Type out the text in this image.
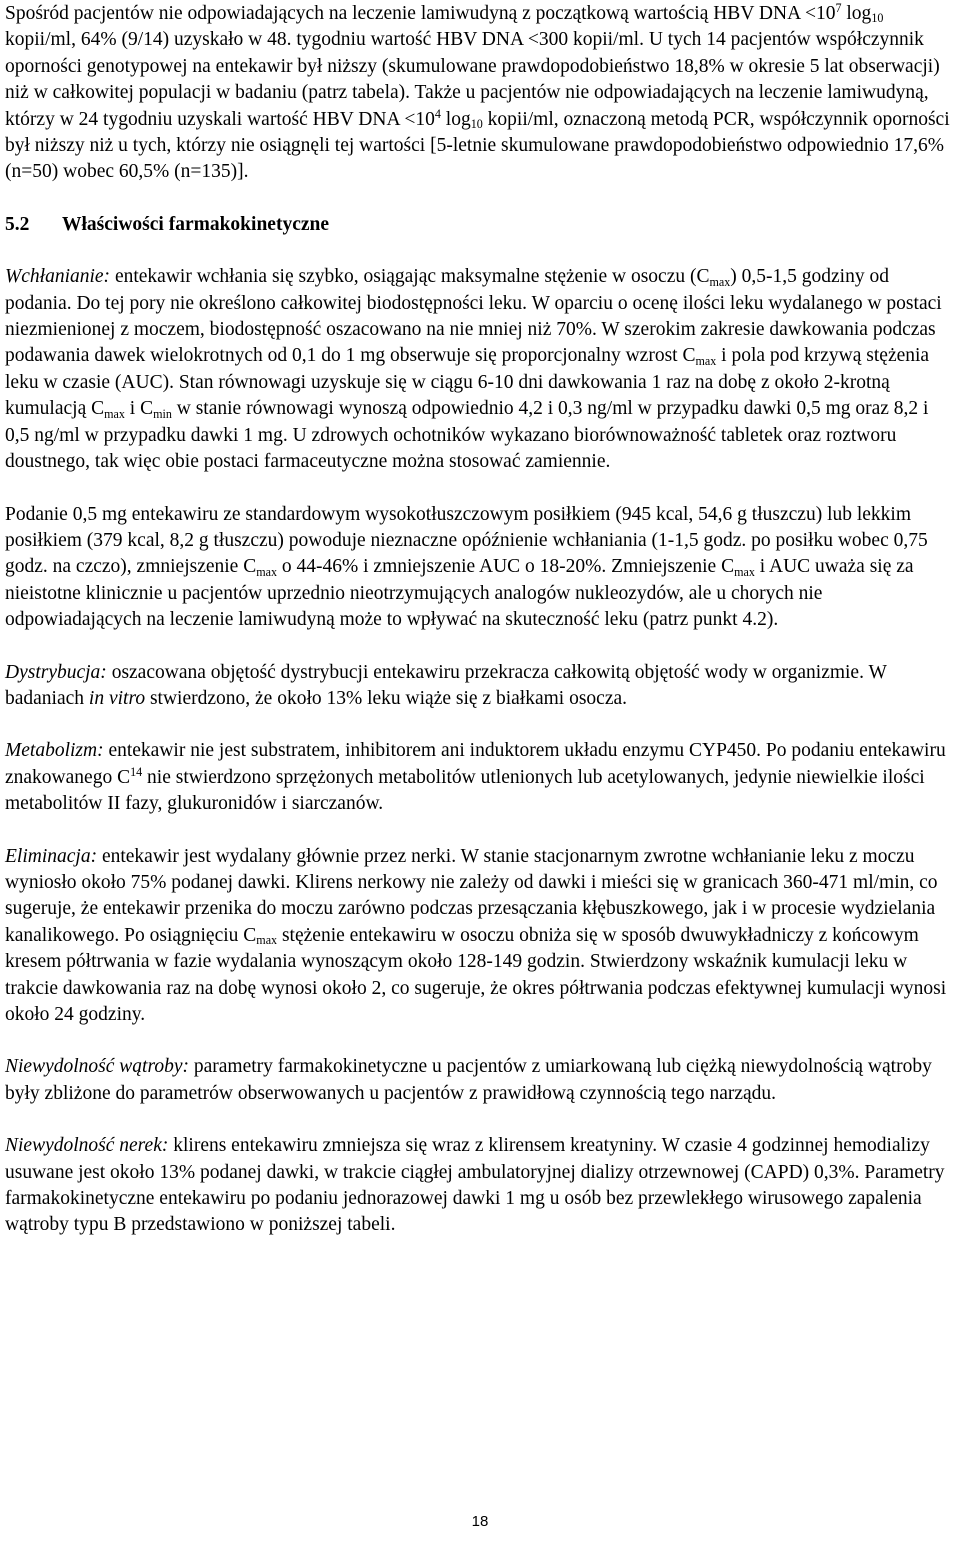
Spośród pacjentów nie odpowiadających na leczenie lamiwudyną z początkową wartością HBV DNA $<10^7$ log10 kopii/ml, 64% (9/14) uzyskało w 48. tygodniu wartość HBV DNA <300 kopii/ml. U tych 14 pacjentów współczynnik oporności genotypowej na entekawir był niższy (skumulowane prawdopodobieństwo 18,8% w okresie 5 lat obserwacji) niż w całkowitej populacji w badaniu (patrz tabela). Także u pacjentów nie odpowiadających na leczenie lamiwudyną, którzy w 24 tygodniu uzyskali wartość HBV DNA $<10^4$ log10 kopii/ml, oznaczoną metodą PCR, współczynnik oporności był niższy niż u tych, którzy nie osiągnęli tej wartości [5-letnie skumulowane prawdopodobieństwo odpowiednio 17,6% (n=50) wobec 60,5% (n=135)].

5.2	Właściwości farmakokinetyczne

Wchłanianie: entekawir wchłania się szybko, osiągając maksymalne stężenie w osoczu (Cmax) 0,5-1,5 godziny od podania. Do tej pory nie określono całkowitej biodostępności leku. W oparciu o ocenę ilości leku wydalanego w postaci niezmienionej z moczem, biodostępność oszacowano na nie mniej niż 70%. W szerokim zakresie dawkowania podczas podawania dawek wielokrotnych od 0,1 do 1 mg obserwuje się proporcjonalny wzrost Cmax i pola pod krzywą stężenia leku w czasie (AUC). Stan równowagi uzyskuje się w ciągu 6-10 dni dawkowania 1 raz na dobę z około 2-krotną kumulacją Cmax i Cmin w stanie równowagi wynoszą odpowiednio 4,2 i 0,3 ng/ml w przypadku dawki 0,5 mg oraz 8,2 i 0,5 ng/ml w przypadku dawki 1 mg. U zdrowych ochotników wykazano biorównoważność tabletek oraz roztworu doustnego, tak więc obie postaci farmaceutyczne można stosować zamiennie.

Podanie 0,5 mg entekawiru ze standardowym wysokotłuszczowym posiłkiem (945 kcal, 54,6 g tłuszczu) lub lekkim posiłkiem (379 kcal, 8,2 g tłuszczu) powoduje nieznaczne opóźnienie wchłaniania (1-1,5 godz. po posiłku wobec 0,75 godz. na czczo), zmniejszenie Cmax o 44-46% i zmniejszenie AUC o 18-20%. Zmniejszenie Cmax i AUC uważa się za nieistotne klinicznie u pacjentów uprzednio nieotrzymujących analogów nukleozydów, ale u chorych nie odpowiadających na leczenie lamiwudyną może to wpływać na skuteczność leku (patrz punkt 4.2).

Dystrybucja: oszacowana objętość dystrybucji entekawiru przekracza całkowitą objętość wody w organizmie. W badaniach in vitro stwierdzono, że około 13% leku wiąże się z białkami osocza.

Metabolizm: entekawir nie jest substratem, inhibitorem ani induktorem układu enzymu CYP450. Po podaniu entekawiru znakowanego $C^{14}$ nie stwierdzono sprzężonych metabolitów utlenionych lub acetylowanych, jedynie niewielkie ilości metabolitów II fazy, glukuronidów i siarczanów.

Eliminacja: entekawir jest wydalany głównie przez nerki. W stanie stacjonarnym zwrotne wchłanianie leku z moczu wyniosło około 75% podanej dawki. Klirens nerkowy nie zależy od dawki i mieści się w granicach 360-471 ml/min, co sugeruje, że entekawir przenika do moczu zarówno podczas przesączania kłębuszkowego, jak i w procesie wydzielania kanalikowego. Po osiągnięciu Cmax stężenie entekawiru w osoczu obniża się w sposób dwuwykładniczy z końcowym kresem półtrwania w fazie wydalania wynoszącym około 128-149 godzin. Stwierdzony wskaźnik kumulacji leku w trakcie dawkowania raz na dobę wynosi około 2, co sugeruje, że okres półtrwania podczas efektywnej kumulacji wynosi około 24 godziny.

Niewydolność wątroby: parametry farmakokinetyczne u pacjentów z umiarkowaną lub ciężką niewydolnością wątroby były zbliżone do parametrów obserwowanych u pacjentów z prawidłową czynnością tego narządu.

Niewydolność nerek: klirens entekawiru zmniejsza się wraz z klirensem kreatyniny. W czasie 4 godzinnej hemodializy usuwane jest około 13% podanej dawki, w trakcie ciągłej ambulatoryjnej dializy otrzewnowej (CAPD) 0,3%. Parametry farmakokinetyczne entekawiru po podaniu jednorazowej dawki 1 mg u osób bez przewlekłego wirusowego zapalenia wątroby typu B przedstawiono w poniższej tabeli.

18
